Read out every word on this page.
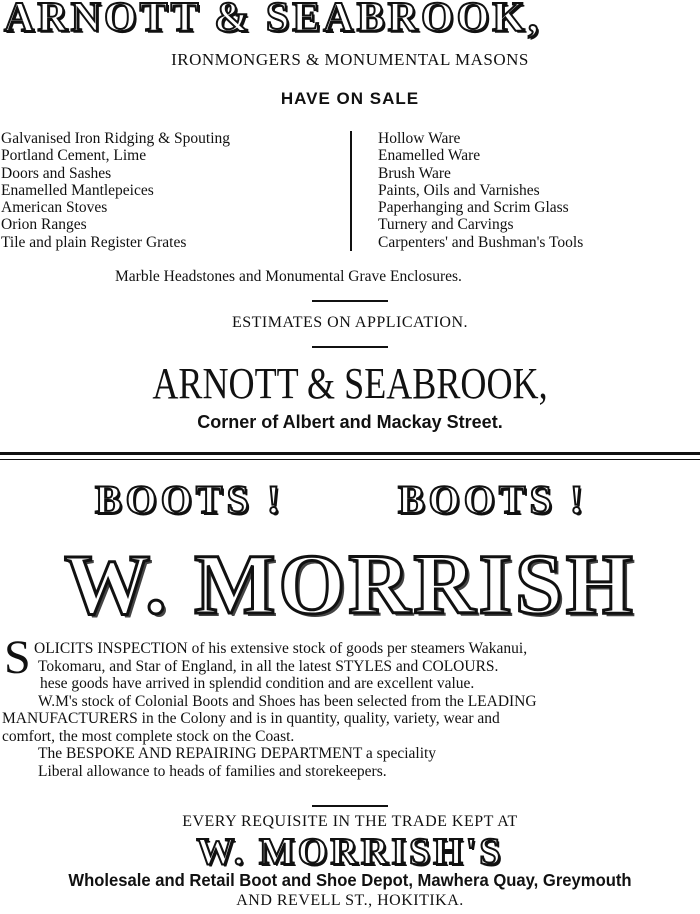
ARNOTT & SEABROOK,
IRONMONGERS & MONUMENTAL MASONS
HAVE ON SALE
Galvanised Iron Ridging & Spouting
Portland Cement, Lime
Doors and Sashes
Enamelled Mantlepeices
American Stoves
Orion Ranges
Tile and plain Register Grates
Hollow Ware
Enamelled Ware
Brush Ware
Paints, Oils and Varnishes
Paperhanging and Scrim Glass
Turnery and Carvings
Carpenters' and Bushman's Tools
Marble Headstones and Monumental Grave Enclosures.
ESTIMATES ON APPLICATION.
ARNOTT & SEABROOK,
Corner of Albert and Mackay Street.
BOOTS !	BOOTS !
W. MORRISH
S OLICITS INSPECTION of his extensive stock of goods per steamers Wakanui,
Tokomaru, and Star of England, in all the latest STYLES and COLOURS.
hese goods have arrived in splendid condition and are excellent value.
W.M's stock of Colonial Boots and Shoes has been selected from the LEADING
MANUFACTURERS in the Colony and is in quantity, quality, variety, wear and
comfort, the most complete stock on the Coast.
The BESPOKE AND REPAIRING DEPARTMENT a speciality
Liberal allowance to heads of families and storekeepers.
EVERY REQUISITE IN THE TRADE KEPT AT
W. MORRISH'S
Wholesale and Retail Boot and Shoe Depot, Mawhera Quay, Greymouth
AND REVELL ST., HOKITIKA.
